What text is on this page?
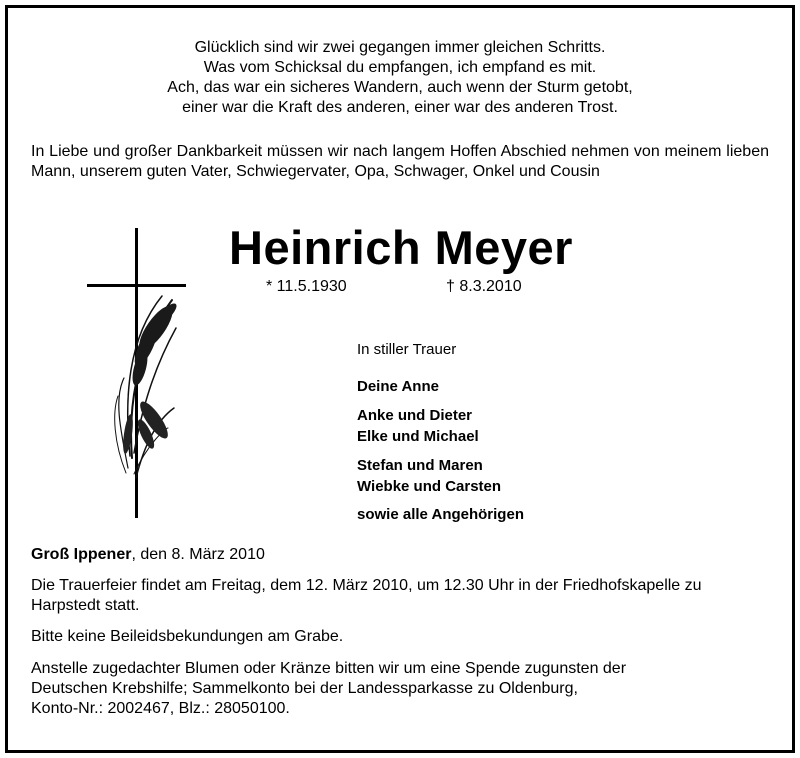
Glücklich sind wir zwei gegangen immer gleichen Schritts.
Was vom Schicksal du empfangen, ich empfand es mit.
Ach, das war ein sicheres Wandern, auch wenn der Sturm getobt,
einer war die Kraft des anderen, einer war des anderen Trost.
In Liebe und großer Dankbarkeit müssen wir nach langem Hoffen Abschied nehmen von meinem lieben Mann, unserem guten Vater, Schwiegervater, Opa, Schwager, Onkel und Cousin
Heinrich Meyer
* 11.5.1930	† 8.3.2010
In stiller Trauer
Deine Anne
Anke und Dieter
Elke und Michael
Stefan und Maren
Wiebke und Carsten
sowie alle Angehörigen
Groß Ippener, den 8. März 2010
Die Trauerfeier findet am Freitag, dem 12. März 2010, um 12.30 Uhr in der Friedhofskapelle zu Harpstedt statt.
Bitte keine Beileidsbekundungen am Grabe.
Anstelle zugedachter Blumen oder Kränze bitten wir um eine Spende zugunsten der
Deutschen Krebshilfe; Sammelkonto bei der Landessparkasse zu Oldenburg,
Konto-Nr.: 2002467, Blz.: 28050100.
